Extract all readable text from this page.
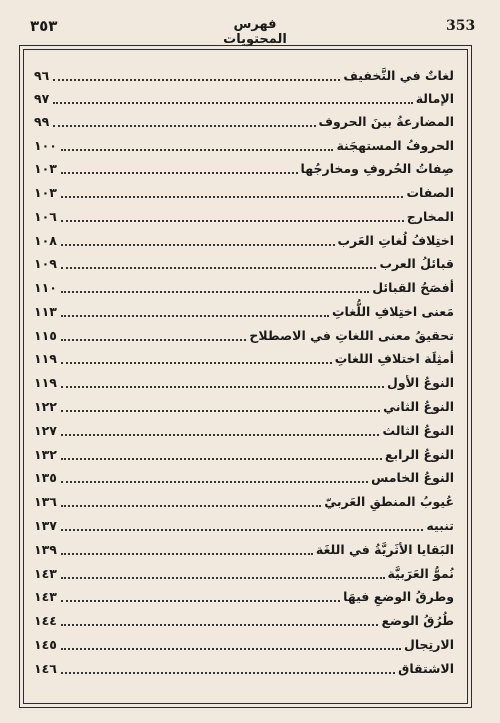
353
فهرس المحتويات
٣٥٣
لغاتٌ في التَّخفيف
٩٦
الإمالة
٩٧
المضارعةُ بينَ الحروف
٩٩
الحروفُ المستهجَنة
١٠٠
صِفاتُ الحُروفِ ومخارجُها
١٠٣
الصفات
١٠٣
المخارج
١٠٦
اختِلافُ لُغاتِ العَرب
١٠٨
قبائلُ العرب
١٠٩
أفصَحُ القبائل
١١٠
مَعنى اختِلافِ اللُّغاتِ
١١٣
تحقيقُ معنى اللغاتِ في الاصطلاح
١١٥
أمثِلَة اختلافِ اللغاتِ
١١٩
النوعُ الأول
١١٩
النوعُ الثاني
١٢٢
النوعُ الثالث
١٢٧
النوعُ الرابع
١٣٢
النوعُ الخامس
١٣٥
عُيوبُ المنطقِ العَربيّ
١٣٦
تنبيه
١٣٧
البَقايا الأثَريَّةُ في اللغَة
١٣٩
نُموُّ العَرَبيَّة
١٤٣
وطرقُ الوضعِ فيهَا
١٤٣
طُرُقُ الوضع
١٤٤
الارتِجال
١٤٥
الاشتقاق
١٤٦
